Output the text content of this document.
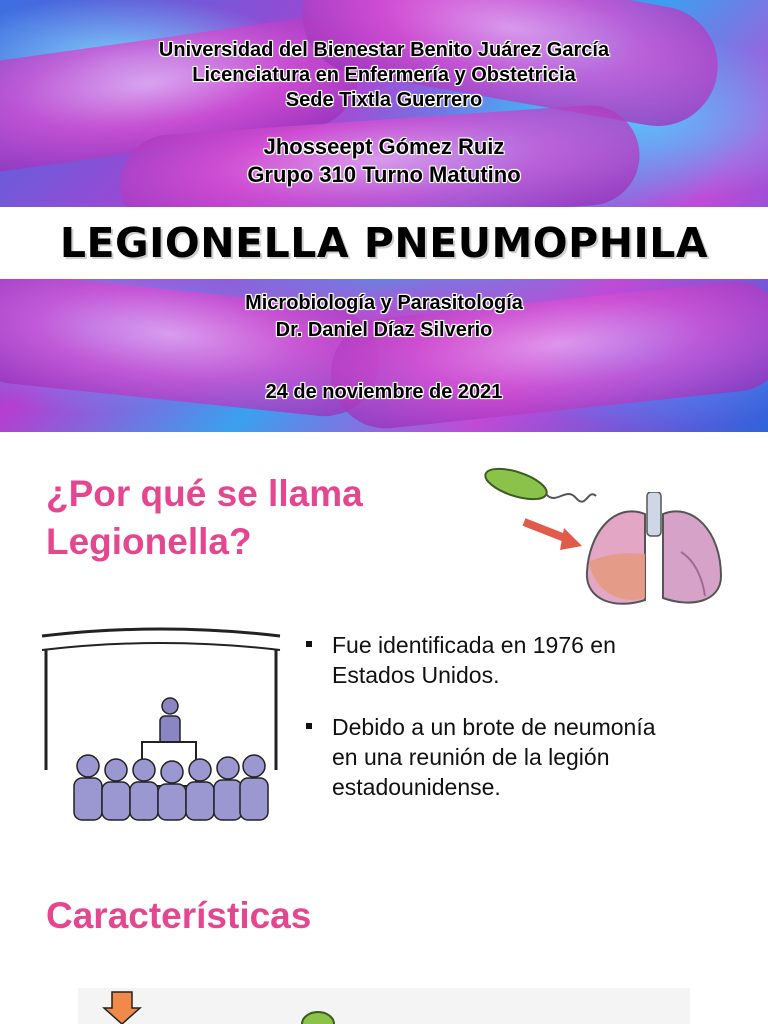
Universidad del Bienestar Benito Juárez García
Licenciatura en Enfermería y Obstetricia
Sede Tixtla Guerrero
Jhosseept Gómez Ruiz
Grupo 310 Turno Matutino
LEGIONELLA PNEUMOPHILA
Microbiología y Parasitología
Dr. Daniel Díaz Silverio
24 de noviembre de 2021
¿Por qué se llama
Legionella?
Fue identificada en 1976 en
Estados Unidos.
Debido a un brote de neumonía
en una reunión de la legión
estadounidense.
Características
